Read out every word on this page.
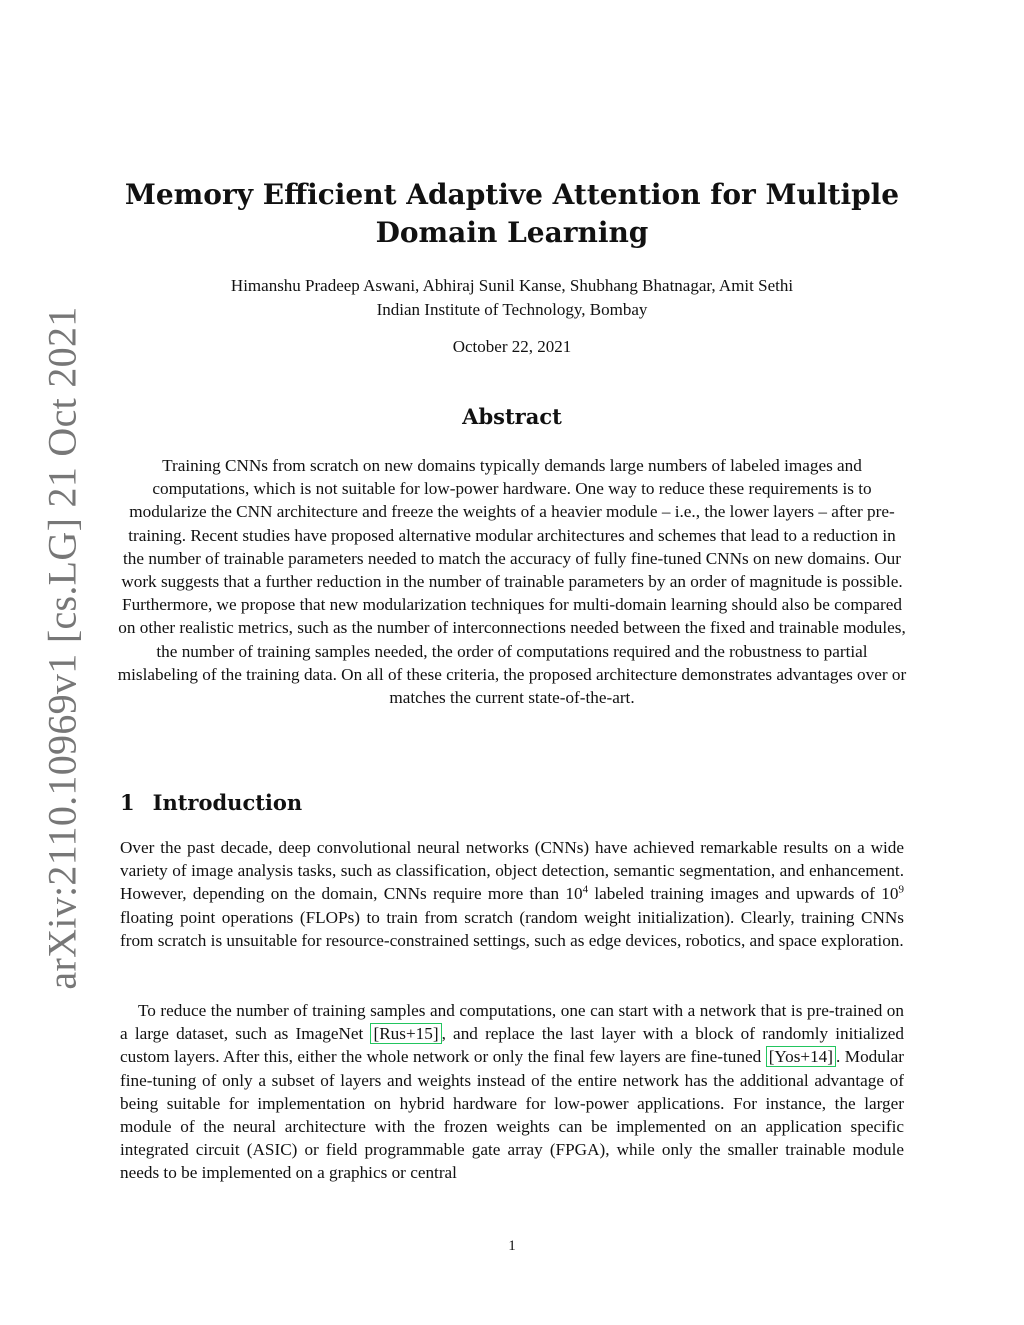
arXiv:2110.10969v1 [cs.LG] 21 Oct 2021
Memory Efficient Adaptive Attention for Multiple Domain Learning
Himanshu Pradeep Aswani, Abhiraj Sunil Kanse, Shubhang Bhatnagar, Amit Sethi
Indian Institute of Technology, Bombay
October 22, 2021
Abstract

Training CNNs from scratch on new domains typically demands large numbers of labeled images and computations, which is not suitable for low-power hardware. One way to reduce these requirements is to modularize the CNN architecture and freeze the weights of a heavier module – i.e., the lower layers – after pre-training. Recent studies have proposed alternative modular architectures and schemes that lead to a reduction in the number of trainable parameters needed to match the accuracy of fully fine-tuned CNNs on new domains. Our work suggests that a further reduction in the number of trainable parameters by an order of magnitude is possible. Furthermore, we propose that new modularization techniques for multi-domain learning should also be compared on other realistic metrics, such as the number of interconnections needed between the fixed and trainable modules, the number of training samples needed, the order of computations required and the robustness to partial mislabeling of the training data. On all of these criteria, the proposed architecture demonstrates advantages over or matches the current state-of-the-art.

1 Introduction

Over the past decade, deep convolutional neural networks (CNNs) have achieved remarkable results on a wide variety of image analysis tasks, such as classification, object detection, semantic segmentation, and enhancement. However, depending on the domain, CNNs require more than $10^4$ labeled training images and upwards of $10^9$ floating point operations (FLOPs) to train from scratch (random weight initialization). Clearly, training CNNs from scratch is unsuitable for resource-constrained settings, such as edge devices, robotics, and space exploration.

To reduce the number of training samples and computations, one can start with a network that is pre-trained on a large dataset, such as ImageNet [Rus+15] , and replace the last layer with a block of randomly initialized custom layers. After this, either the whole network or only the final few layers are fine-tuned [Yos+14] . Modular fine-tuning of only a subset of layers and weights instead of the entire network has the additional advantage of being suitable for implementation on hybrid hardware for low-power applications. For instance, the larger module of the neural architecture with the frozen weights can be implemented on an application specific integrated circuit (ASIC) or field programmable gate array (FPGA), while only the smaller trainable module needs to be implemented on a graphics or central

1
